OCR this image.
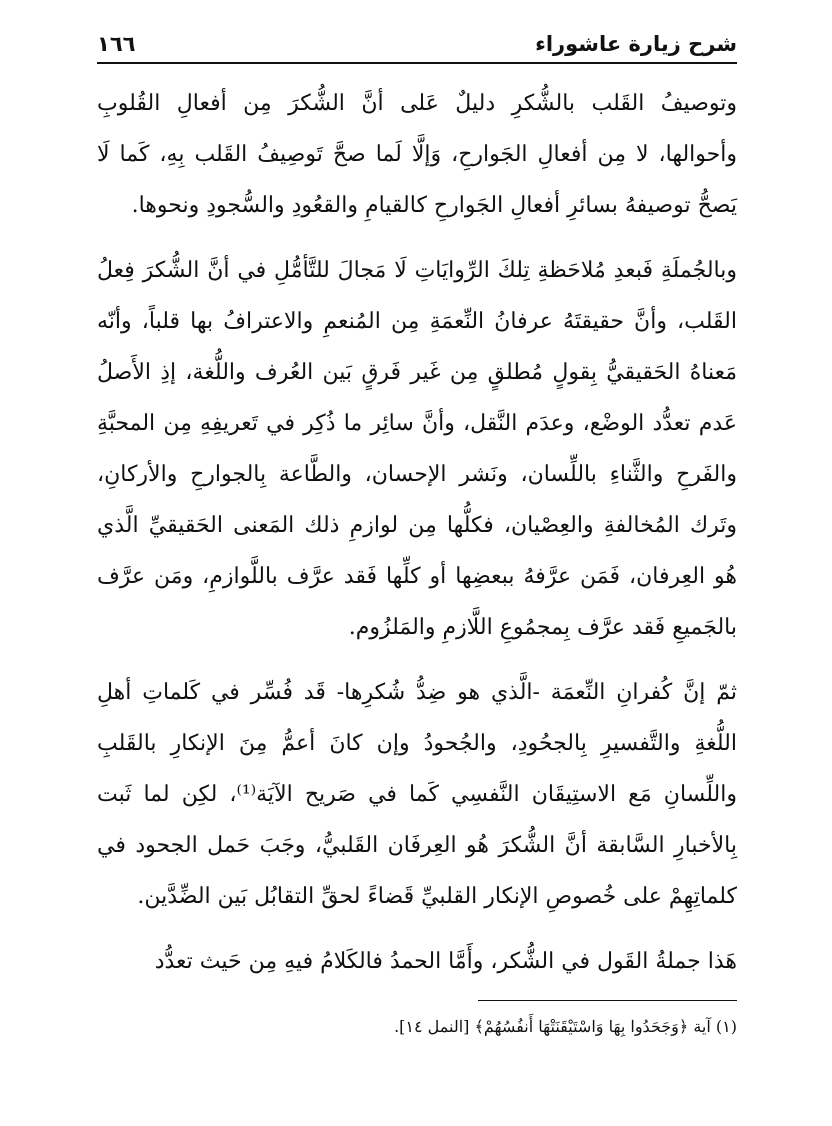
شرح زيارة عاشوراء
١٦٦

وتوصيفُ القَلب بالشُّكرِ دليلٌ عَلى أنَّ الشُّكرَ مِن أفعالِ القُلوبِ وأحوالها، لا مِن أفعالِ الجَوارحِ، وَإلَّا لَما صحَّ تَوصِيفُ القَلب بِهِ، كَما لَا يَصحُّ توصيفهُ بسائرِ أفعالِ الجَوارحِ كالقيامِ والقعُودِ والسُّجودِ ونحوها.

وبالجُملَةِ فَبعدِ مُلاحَظةِ تِلكَ الرِّوايَاتِ لَا مَجالَ للتَّأمُّلِ في أنَّ الشُّكرَ فِعلُ القَلب، وأنَّ حقيقتَهُ عرفانُ النِّعمَةِ مِن المُنعمِ والاعترافُ بها قلباً، وأنّه مَعناهُ الحَقيقيُّ بِقولٍ مُطلقٍ مِن غَير فَرقٍ بَين العُرف واللُّغة، إذِ الأَصلُ عَدم تعدُّد الوضْع، وعدَم النَّقل، وأنَّ سائِر ما ذُكِر في تَعريفِهِ مِن المحبَّةِ والفَرحِ والثَّناءِ باللِّسان، ونَشر الإحسان، والطَّاعة بِالجوارحِ والأركانِ، وتَرك المُخالفةِ والعِصْيان، فكلُّها مِن لوازمِ ذلك المَعنى الحَقيقيِّ الَّذي هُو العِرفان، فَمَن عرَّفهُ ببعضِها أو كلِّها فَقد عرَّف باللَّوازمِ، ومَن عرَّف بالجَميعِ فَقد عرَّف بِمجمُوعِ اللَّازمِ والمَلزُوم.

ثمّ إنَّ كُفرانِ النِّعمَة -الَّذي هو ضِدُّ شُكرِها- قَد فُسِّر في كَلماتِ أهلِ اللُّغةِ والتَّفسيرِ بِالجحُودِ، والجُحودُ وإن كانَ أعمُّ مِنَ الإنكارِ بالقَلبِ واللِّسانِ مَع الاستِيقَان النَّفسِي كَما في صَريح الآيَة⁽¹⁾، لكِن لما ثَبت بِالأخبارِ السَّابقة أنَّ الشُّكرَ هُو العِرفَان القَلبيُّ، وجَبَ حَمل الجحود في كلماتِهِمْ على خُصوصِ الإنكار القلبيِّ قَضاءً لحقِّ التقابُل بَين الضِّدَّين.

هَذا جملةُ القَول في الشُّكر، وأَمَّا الحمدُ فالكَلامُ فيهِ مِن حَيث تعدُّد

(١) آية ﴿وَجَحَدُوا بِهَا وَاسْتَيْقَنَتْهَا أَنفُسُهُمْ﴾ [النمل ١٤].
